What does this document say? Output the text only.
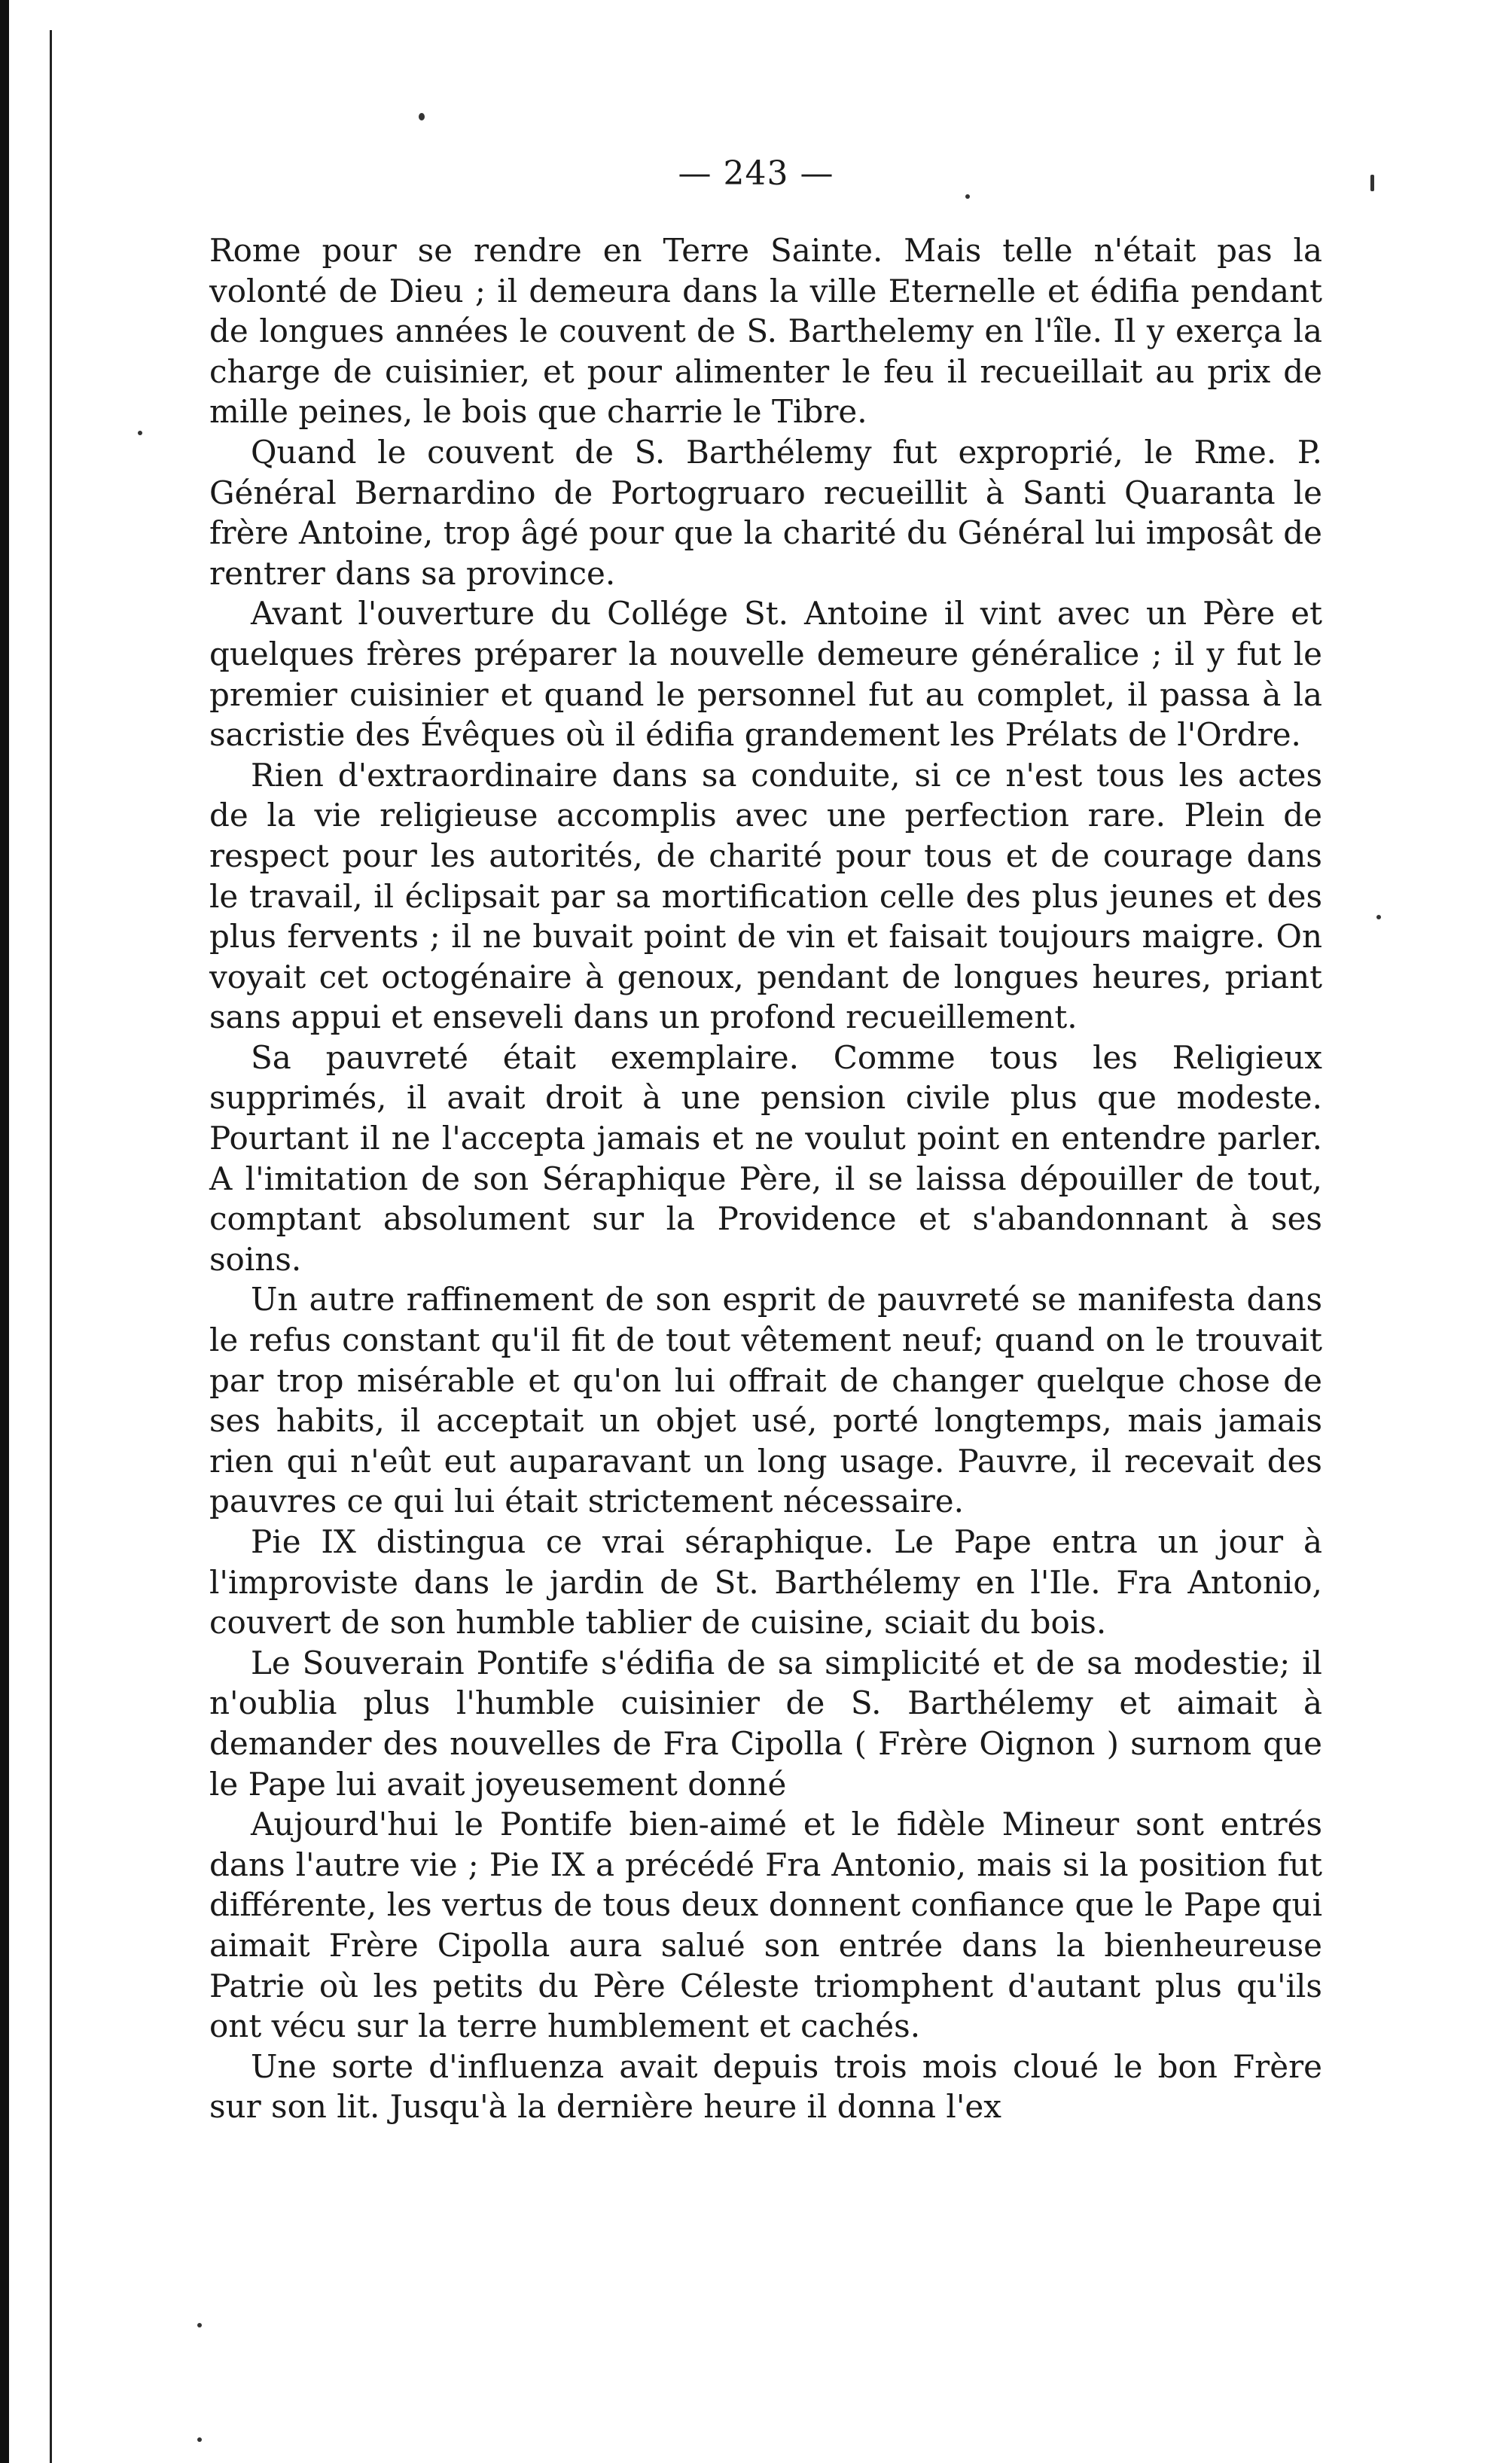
— 243 —

Rome pour se rendre en Terre Sainte. Mais telle n'était pas la volonté de Dieu ; il demeura dans la ville Eternelle et édifia pendant de longues années le couvent de S. Barthelemy en l'île. Il y exerça la charge de cuisinier, et pour alimenter le feu il recueillait au prix de mille peines, le bois que charrie le Tibre.

Quand le couvent de S. Barthélemy fut exproprié, le Rme. P. Général Bernardino de Portogruaro recueillit à Santi Quaranta le frère Antoine, trop âgé pour que la charité du Général lui imposât de rentrer dans sa province.

Avant l'ouverture du Collége St. Antoine il vint avec un Père et quelques frères préparer la nouvelle demeure généralice ; il y fut le premier cuisinier et quand le personnel fut au complet, il passa à la sacristie des Évêques où il édifia grandement les Prélats de l'Ordre.

Rien d'extraordinaire dans sa conduite, si ce n'est tous les actes de la vie religieuse accomplis avec une perfection rare. Plein de respect pour les autorités, de charité pour tous et de courage dans le travail, il éclipsait par sa mortification celle des plus jeunes et des plus fervents ; il ne buvait point de vin et faisait toujours maigre. On voyait cet octogénaire à genoux, pendant de longues heures, priant sans appui et enseveli dans un profond recueillement.

Sa pauvreté était exemplaire. Comme tous les Religieux supprimés, il avait droit à une pension civile plus que modeste. Pourtant il ne l'accepta jamais et ne voulut point en entendre parler. A l'imitation de son Séraphique Père, il se laissa dépouiller de tout, comptant absolument sur la Providence et s'abandonnant à ses soins.

Un autre raffinement de son esprit de pauvreté se manifesta dans le refus constant qu'il fit de tout vêtement neuf; quand on le trouvait par trop misérable et qu'on lui offrait de changer quelque chose de ses habits, il acceptait un objet usé, porté longtemps, mais jamais rien qui n'eût eut auparavant un long usage. Pauvre, il recevait des pauvres ce qui lui était strictement nécessaire.

Pie IX distingua ce vrai séraphique. Le Pape entra un jour à l'improviste dans le jardin de St. Barthélemy en l'Ile. Fra Antonio, couvert de son humble tablier de cuisine, sciait du bois.

Le Souverain Pontife s'édifia de sa simplicité et de sa modestie; il n'oublia plus l'humble cuisinier de S. Barthélemy et aimait à demander des nouvelles de Fra Cipolla ( Frère Oignon ) surnom que le Pape lui avait joyeusement donné

Aujourd'hui le Pontife bien-aimé et le fidèle Mineur sont entrés dans l'autre vie ; Pie IX a précédé Fra Antonio, mais si la position fut différente, les vertus de tous deux donnent confiance que le Pape qui aimait Frère Cipolla aura salué son entrée dans la bienheureuse Patrie où les petits du Père Céleste triomphent d'autant plus qu'ils ont vécu sur la terre humblement et cachés.

Une sorte d'influenza avait depuis trois mois cloué le bon Frère sur son lit. Jusqu'à la dernière heure il donna l'ex
